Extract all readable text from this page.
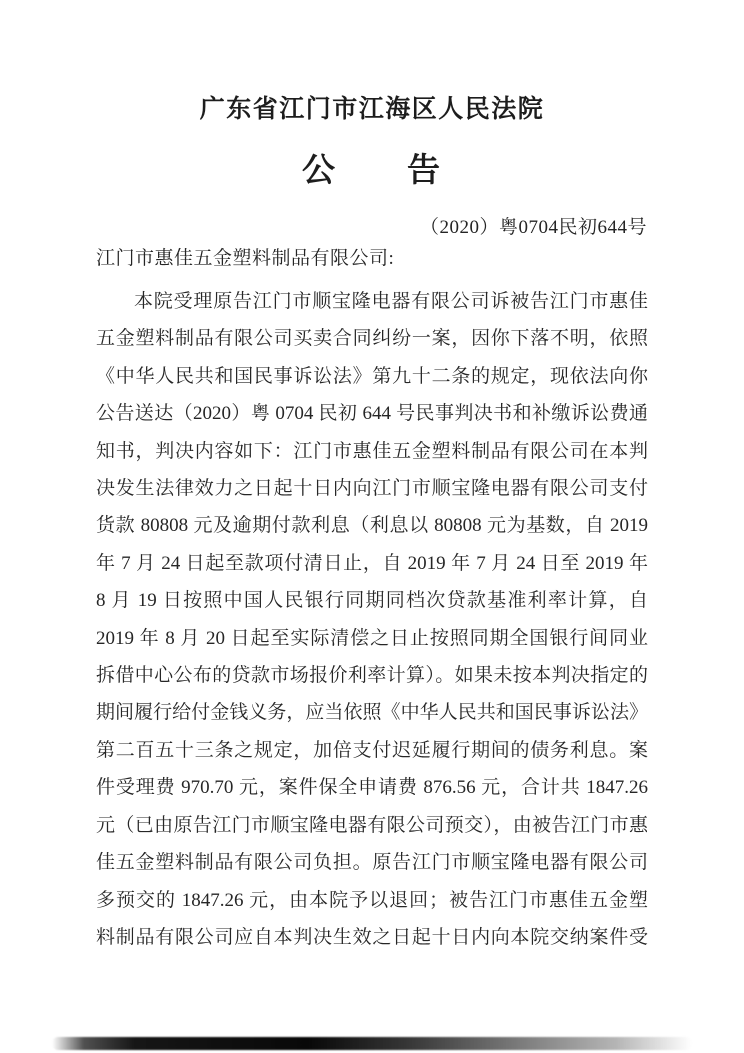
广东省江门市江海区人民法院
公　　告
（2020）粤0704民初644号
江门市惠佳五金塑料制品有限公司:
本院受理原告江门市顺宝隆电器有限公司诉被告江门市惠佳
五金塑料制品有限公司买卖合同纠纷一案，因你下落不明，依照
《中华人民共和国民事诉讼法》第九十二条的规定，现依法向你
公告送达（2020）粤 0704 民初 644 号民事判决书和补缴诉讼费通
知书，判决内容如下：江门市惠佳五金塑料制品有限公司在本判
决发生法律效力之日起十日内向江门市顺宝隆电器有限公司支付
货款 80808 元及逾期付款利息（利息以 80808 元为基数，自 2019
年 7 月 24 日起至款项付清日止，自 2019 年 7 月 24 日至 2019 年
8 月 19 日按照中国人民银行同期同档次贷款基准利率计算，自
2019 年 8 月 20 日起至实际清偿之日止按照同期全国银行间同业
拆借中心公布的贷款市场报价利率计算）。如果未按本判决指定的
期间履行给付金钱义务，应当依照《中华人民共和国民事诉讼法》
第二百五十三条之规定，加倍支付迟延履行期间的债务利息。案
件受理费 970.70 元，案件保全申请费 876.56 元，合计共 1847.26
元（已由原告江门市顺宝隆电器有限公司预交），由被告江门市惠
佳五金塑料制品有限公司负担。原告江门市顺宝隆电器有限公司
多预交的 1847.26 元，由本院予以退回；被告江门市惠佳五金塑
料制品有限公司应自本判决生效之日起十日内向本院交纳案件受
